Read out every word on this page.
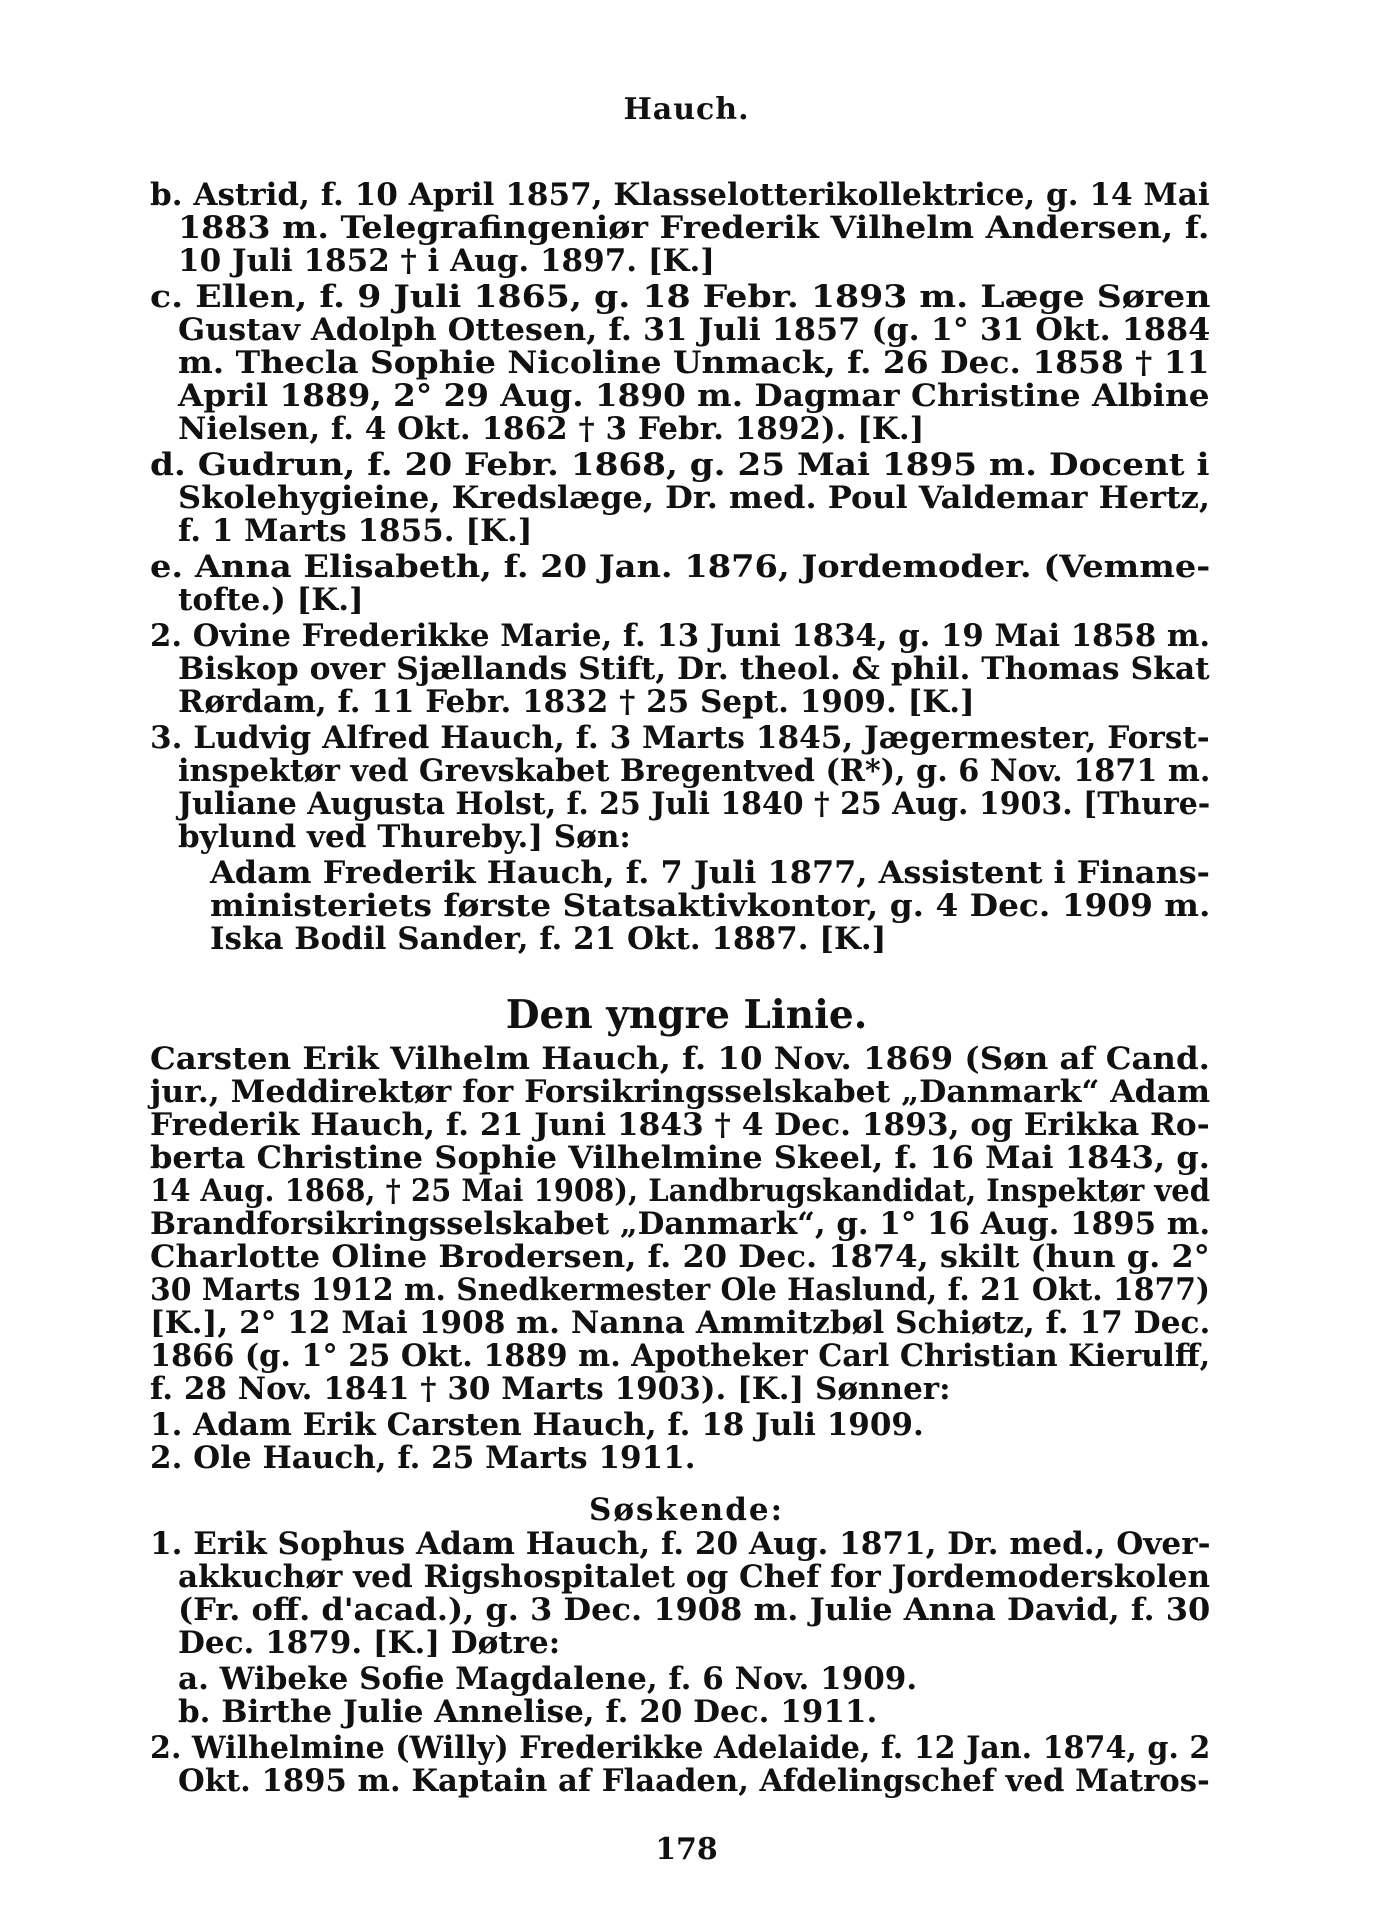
Hauch.
b. Astrid, f. 10 April 1857, Klasselotterikollektrice, g. 14 Mai
1883 m. Telegrafingeniør Frederik Vilhelm Andersen, f.
10 Juli 1852 † i Aug. 1897. [K.]
c. Ellen, f. 9 Juli 1865, g. 18 Febr. 1893 m. Læge Søren
Gustav Adolph Ottesen, f. 31 Juli 1857 (g. 1° 31 Okt. 1884
m. Thecla Sophie Nicoline Unmack, f. 26 Dec. 1858 † 11
April 1889, 2° 29 Aug. 1890 m. Dagmar Christine Albine
Nielsen, f. 4 Okt. 1862 † 3 Febr. 1892). [K.]
d. Gudrun, f. 20 Febr. 1868, g. 25 Mai 1895 m. Docent i
Skolehygieine, Kredslæge, Dr. med. Poul Valdemar Hertz,
f. 1 Marts 1855. [K.]
e. Anna Elisabeth, f. 20 Jan. 1876, Jordemoder. (Vemme-
tofte.) [K.]
2. Ovine Frederikke Marie, f. 13 Juni 1834, g. 19 Mai 1858 m.
Biskop over Sjællands Stift, Dr. theol. & phil. Thomas Skat
Rørdam, f. 11 Febr. 1832 † 25 Sept. 1909. [K.]
3. Ludvig Alfred Hauch, f. 3 Marts 1845, Jægermester, Forst-
inspektør ved Grevskabet Bregentved (R*), g. 6 Nov. 1871 m.
Juliane Augusta Holst, f. 25 Juli 1840 † 25 Aug. 1903. [Thure-
bylund ved Thureby.] Søn:
Adam Frederik Hauch, f. 7 Juli 1877, Assistent i Finans-
ministeriets første Statsaktivkontor, g. 4 Dec. 1909 m.
Iska Bodil Sander, f. 21 Okt. 1887. [K.]
Carsten Erik Vilhelm Hauch, f. 10 Nov. 1869 (Søn af Cand.
jur., Meddirektør for Forsikringsselskabet „Danmark“ Adam
Frederik Hauch, f. 21 Juni 1843 † 4 Dec. 1893, og Erikka Ro-
berta Christine Sophie Vilhelmine Skeel, f. 16 Mai 1843, g.
14 Aug. 1868, † 25 Mai 1908), Landbrugskandidat, Inspektør ved
Brandforsikringsselskabet „Danmark“, g. 1° 16 Aug. 1895 m.
Charlotte Oline Brodersen, f. 20 Dec. 1874, skilt (hun g. 2°
30 Marts 1912 m. Snedkermester Ole Haslund, f. 21 Okt. 1877)
[K.], 2° 12 Mai 1908 m. Nanna Ammitzbøl Schiøtz, f. 17 Dec.
1866 (g. 1° 25 Okt. 1889 m. Apotheker Carl Christian Kierulff,
f. 28 Nov. 1841 † 30 Marts 1903). [K.] Sønner:
1. Adam Erik Carsten Hauch, f. 18 Juli 1909.
2. Ole Hauch, f. 25 Marts 1911.
1. Erik Sophus Adam Hauch, f. 20 Aug. 1871, Dr. med., Over-
akkuchør ved Rigshospitalet og Chef for Jordemoderskolen
(Fr. off. d'acad.), g. 3 Dec. 1908 m. Julie Anna David, f. 30
Dec. 1879. [K.] Døtre:
a. Wibeke Sofie Magdalene, f. 6 Nov. 1909.
b. Birthe Julie Annelise, f. 20 Dec. 1911.
2. Wilhelmine (Willy) Frederikke Adelaide, f. 12 Jan. 1874, g. 2
Okt. 1895 m. Kaptain af Flaaden, Afdelingschef ved Matros-
Den yngre Linie.
Søskende:
178
